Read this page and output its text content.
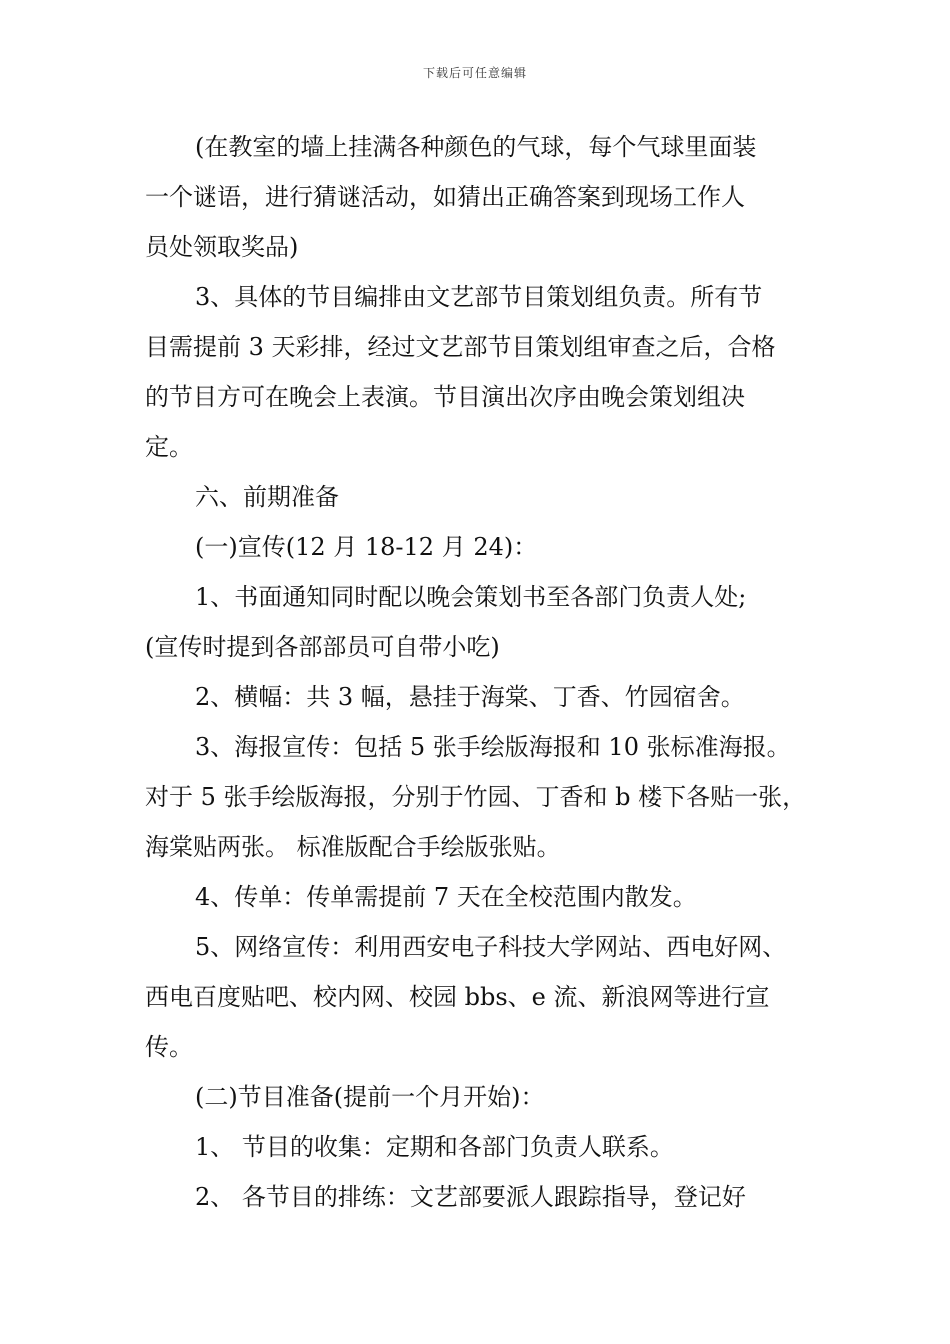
下载后可任意编辑

(在教室的墙上挂满各种颜色的气球，每个气球里面装

一个谜语，进行猜谜活动，如猜出正确答案到现场工作人

员处领取奖品)

3、具体的节目编排由文艺部节目策划组负责。所有节

目需提前 3 天彩排，经过文艺部节目策划组审查之后，合格

的节目方可在晚会上表演。节目演出次序由晚会策划组决

定。

六、前期准备

(一)宣传(12 月 18-12 月 24)：

1、书面通知同时配以晚会策划书至各部门负责人处;

(宣传时提到各部部员可自带小吃)

2、横幅：共 3 幅，悬挂于海棠、丁香、竹园宿舍。

3、海报宣传：包括 5 张手绘版海报和 10 张标准海报。

对于 5 张手绘版海报，分别于竹园、丁香和 b 楼下各贴一张，

海棠贴两张。 标准版配合手绘版张贴。

4、传单：传单需提前 7 天在全校范围内散发。

5、网络宣传：利用西安电子科技大学网站、西电好网、

西电百度贴吧、校内网、校园 bbs、e 流、新浪网等进行宣

传。

(二)节目准备(提前一个月开始)：

1、 节目的收集：定期和各部门负责人联系。

2、 各节目的排练：文艺部要派人跟踪指导，登记好
